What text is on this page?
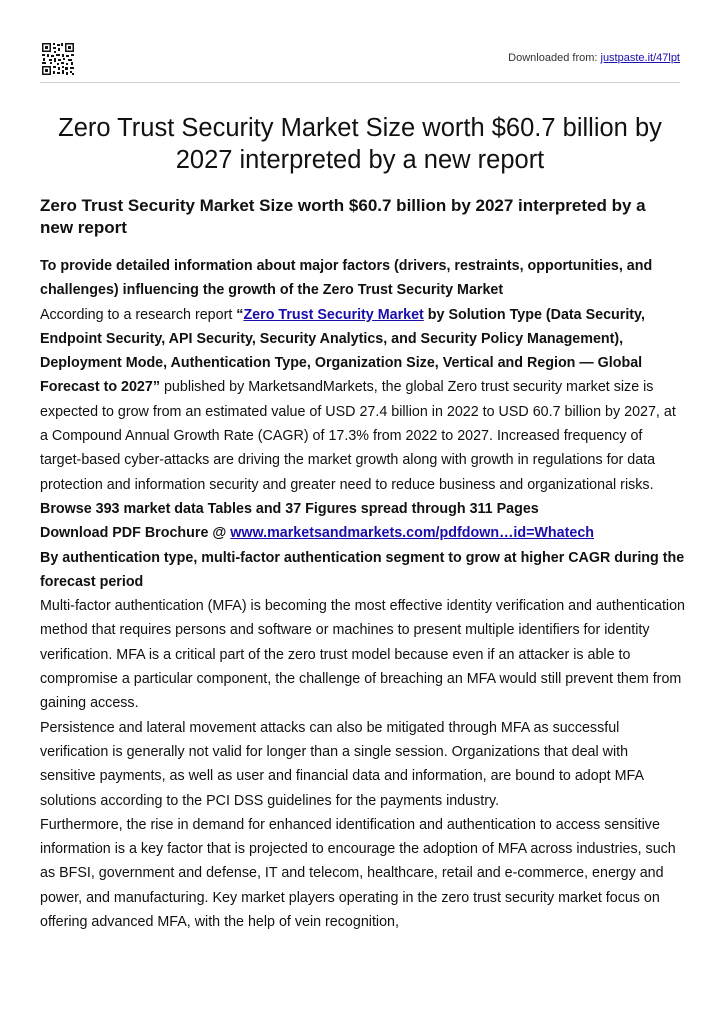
Downloaded from: justpaste.it/47lpt
Zero Trust Security Market Size worth $60.7 billion by 2027 interpreted by a new report
Zero Trust Security Market Size worth $60.7 billion by 2027 interpreted by a new report

To provide detailed information about major factors (drivers, restraints, opportunities, and challenges) influencing the growth of the Zero Trust Security Market

According to a research report “Zero Trust Security Market by Solution Type (Data Security, Endpoint Security, API Security, Security Analytics, and Security Policy Management), Deployment Mode, Authentication Type, Organization Size, Vertical and Region — Global Forecast to 2027” published by MarketsandMarkets, the global Zero trust security market size is expected to grow from an estimated value of USD 27.4 billion in 2022 to USD 60.7 billion by 2027, at a Compound Annual Growth Rate (CAGR) of 17.3% from 2022 to 2027. Increased frequency of target-based cyber-attacks are driving the market growth along with growth in regulations for data protection and information security and greater need to reduce business and organizational risks.

Browse 393 market data Tables and 37 Figures spread through 311 Pages

Download PDF Brochure @ www.marketsandmarkets.com/pdfdown…id=Whatech

By authentication type, multi-factor authentication segment to grow at higher CAGR during the forecast period

Multi-factor authentication (MFA) is becoming the most effective identity verification and authentication method that requires persons and software or machines to present multiple identifiers for identity verification. MFA is a critical part of the zero trust model because even if an attacker is able to compromise a particular component, the challenge of breaching an MFA would still prevent them from gaining access.

Persistence and lateral movement attacks can also be mitigated through MFA as successful verification is generally not valid for longer than a single session. Organizations that deal with sensitive payments, as well as user and financial data and information, are bound to adopt MFA solutions according to the PCI DSS guidelines for the payments industry.

Furthermore, the rise in demand for enhanced identification and authentication to access sensitive information is a key factor that is projected to encourage the adoption of MFA across industries, such as BFSI, government and defense, IT and telecom, healthcare, retail and e-commerce, energy and power, and manufacturing. Key market players operating in the zero trust security market focus on offering advanced MFA, with the help of vein recognition,
